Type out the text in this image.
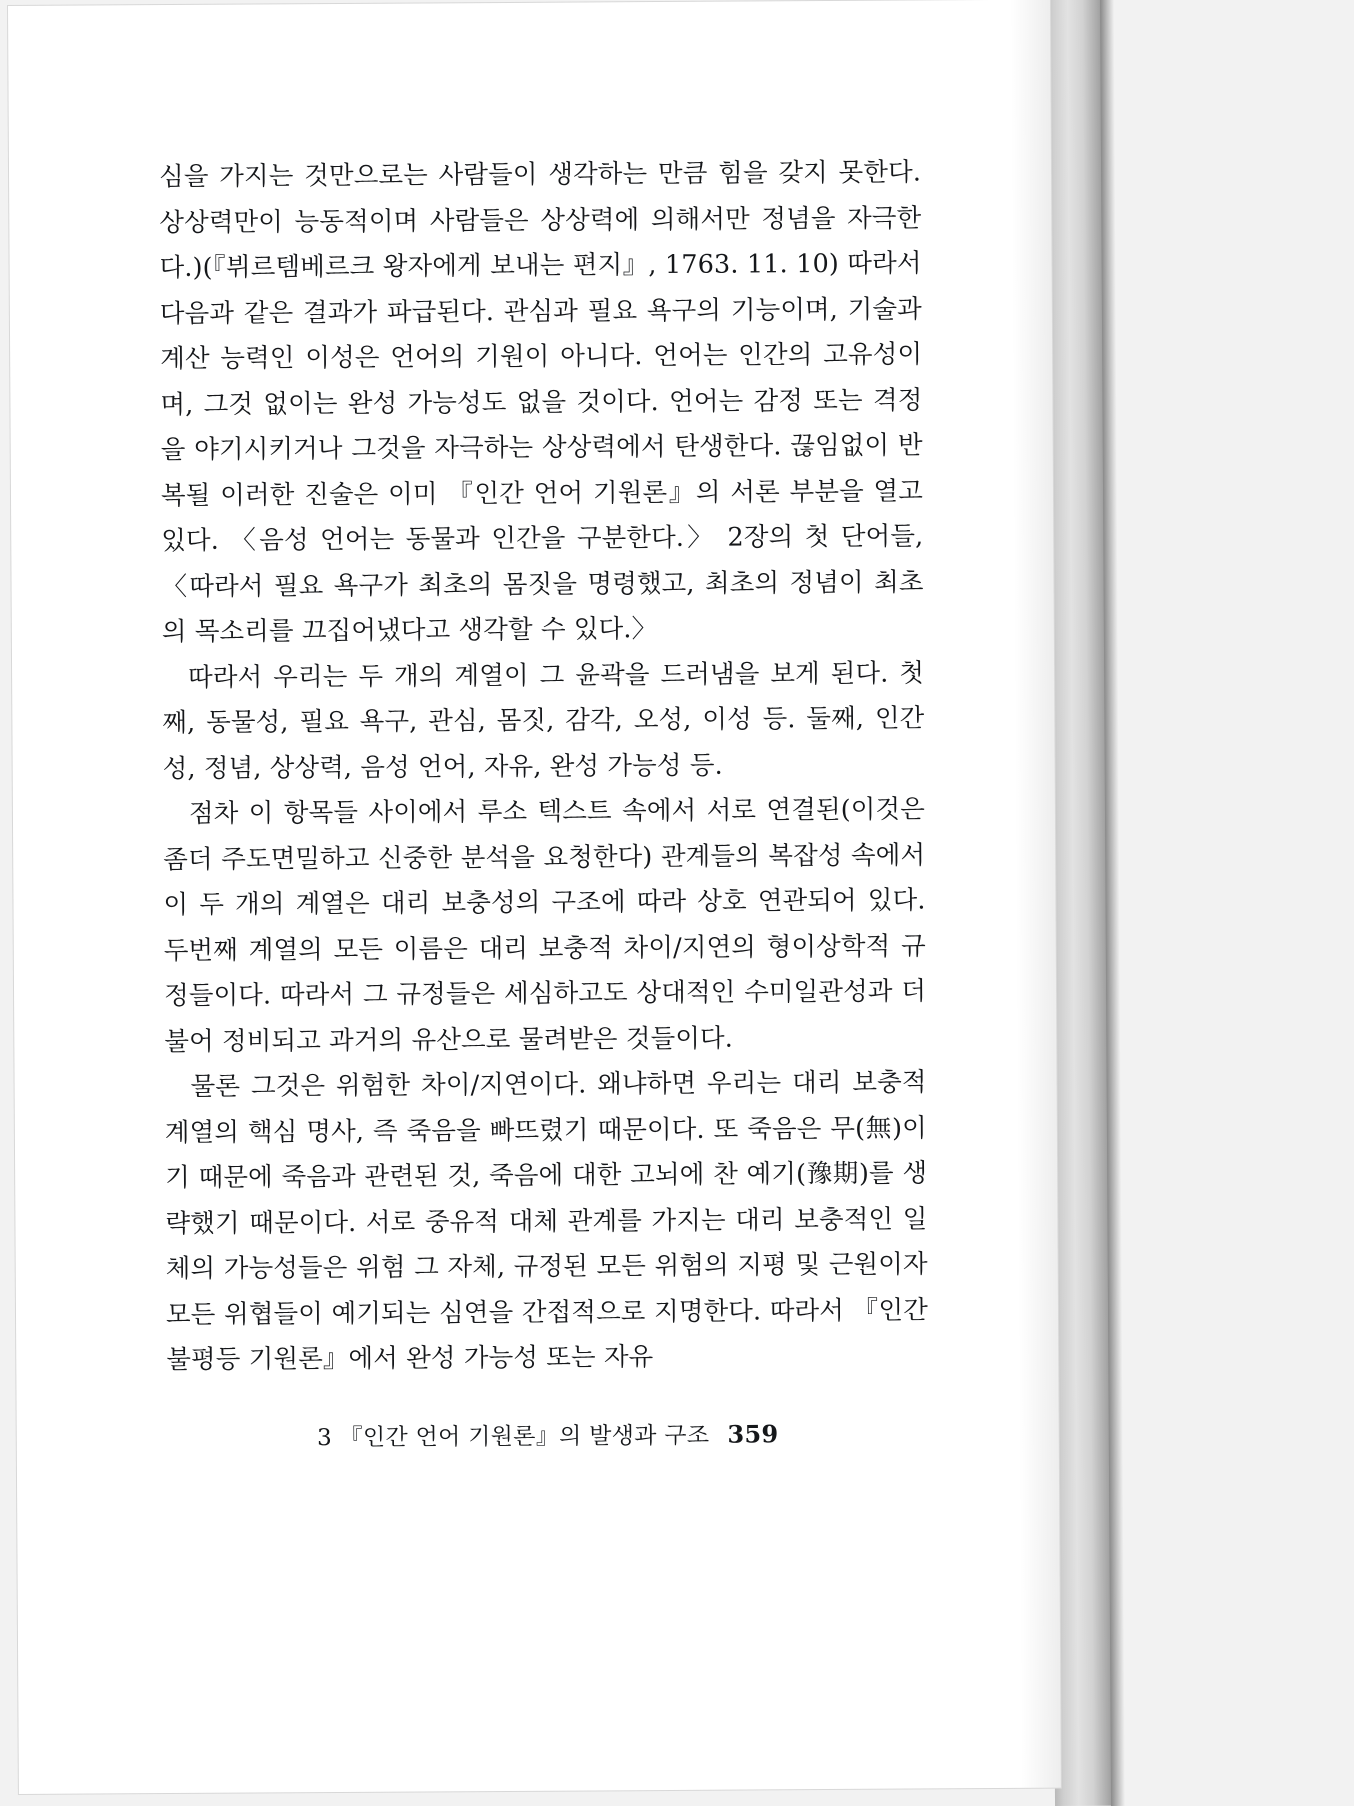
심을 가지는 것만으로는 사람들이 생각하는 만큼 힘을 갖지 못한다. 상상력만이 능동적이며 사람들은 상상력에 의해서만 정념을 자극한다.)(『뷔르템베르크 왕자에게 보내는 편지』, 1763. 11. 10) 따라서 다음과 같은 결과가 파급된다. 관심과 필요 욕구의 기능이며, 기술과 계산 능력인 이성은 언어의 기원이 아니다. 언어는 인간의 고유성이며, 그것 없이는 완성 가능성도 없을 것이다. 언어는 감정 또는 격정을 야기시키거나 그것을 자극하는 상상력에서 탄생한다. 끊임없이 반복될 이러한 진술은 이미 『인간 언어 기원론』의 서론 부분을 열고 있다. 〈음성 언어는 동물과 인간을 구분한다.〉 2장의 첫 단어들, 〈따라서 필요 욕구가 최초의 몸짓을 명령했고, 최초의 정념이 최초의 목소리를 끄집어냈다고 생각할 수 있다.〉

따라서 우리는 두 개의 계열이 그 윤곽을 드러냄을 보게 된다. 첫째, 동물성, 필요 욕구, 관심, 몸짓, 감각, 오성, 이성 등. 둘째, 인간성, 정념, 상상력, 음성 언어, 자유, 완성 가능성 등.

점차 이 항목들 사이에서 루소 텍스트 속에서 서로 연결된(이것은 좀더 주도면밀하고 신중한 분석을 요청한다) 관계들의 복잡성 속에서 이 두 개의 계열은 대리 보충성의 구조에 따라 상호 연관되어 있다. 두번째 계열의 모든 이름은 대리 보충적 차이/지연의 형이상학적 규정들이다. 따라서 그 규정들은 세심하고도 상대적인 수미일관성과 더불어 정비되고 과거의 유산으로 물려받은 것들이다.

물론 그것은 위험한 차이/지연이다. 왜냐하면 우리는 대리 보충적 계열의 핵심 명사, 즉 죽음을 빠뜨렸기 때문이다. 또 죽음은 무(無)이기 때문에 죽음과 관련된 것, 죽음에 대한 고뇌에 찬 예기(豫期)를 생략했기 때문이다. 서로 중유적 대체 관계를 가지는 대리 보충적인 일체의 가능성들은 위험 그 자체, 규정된 모든 위험의 지평 및 근원이자 모든 위협들이 예기되는 심연을 간접적으로 지명한다. 따라서 『인간 불평등 기원론』에서 완성 가능성 또는 자유

3 『인간 언어 기원론』의 발생과 구조 359
